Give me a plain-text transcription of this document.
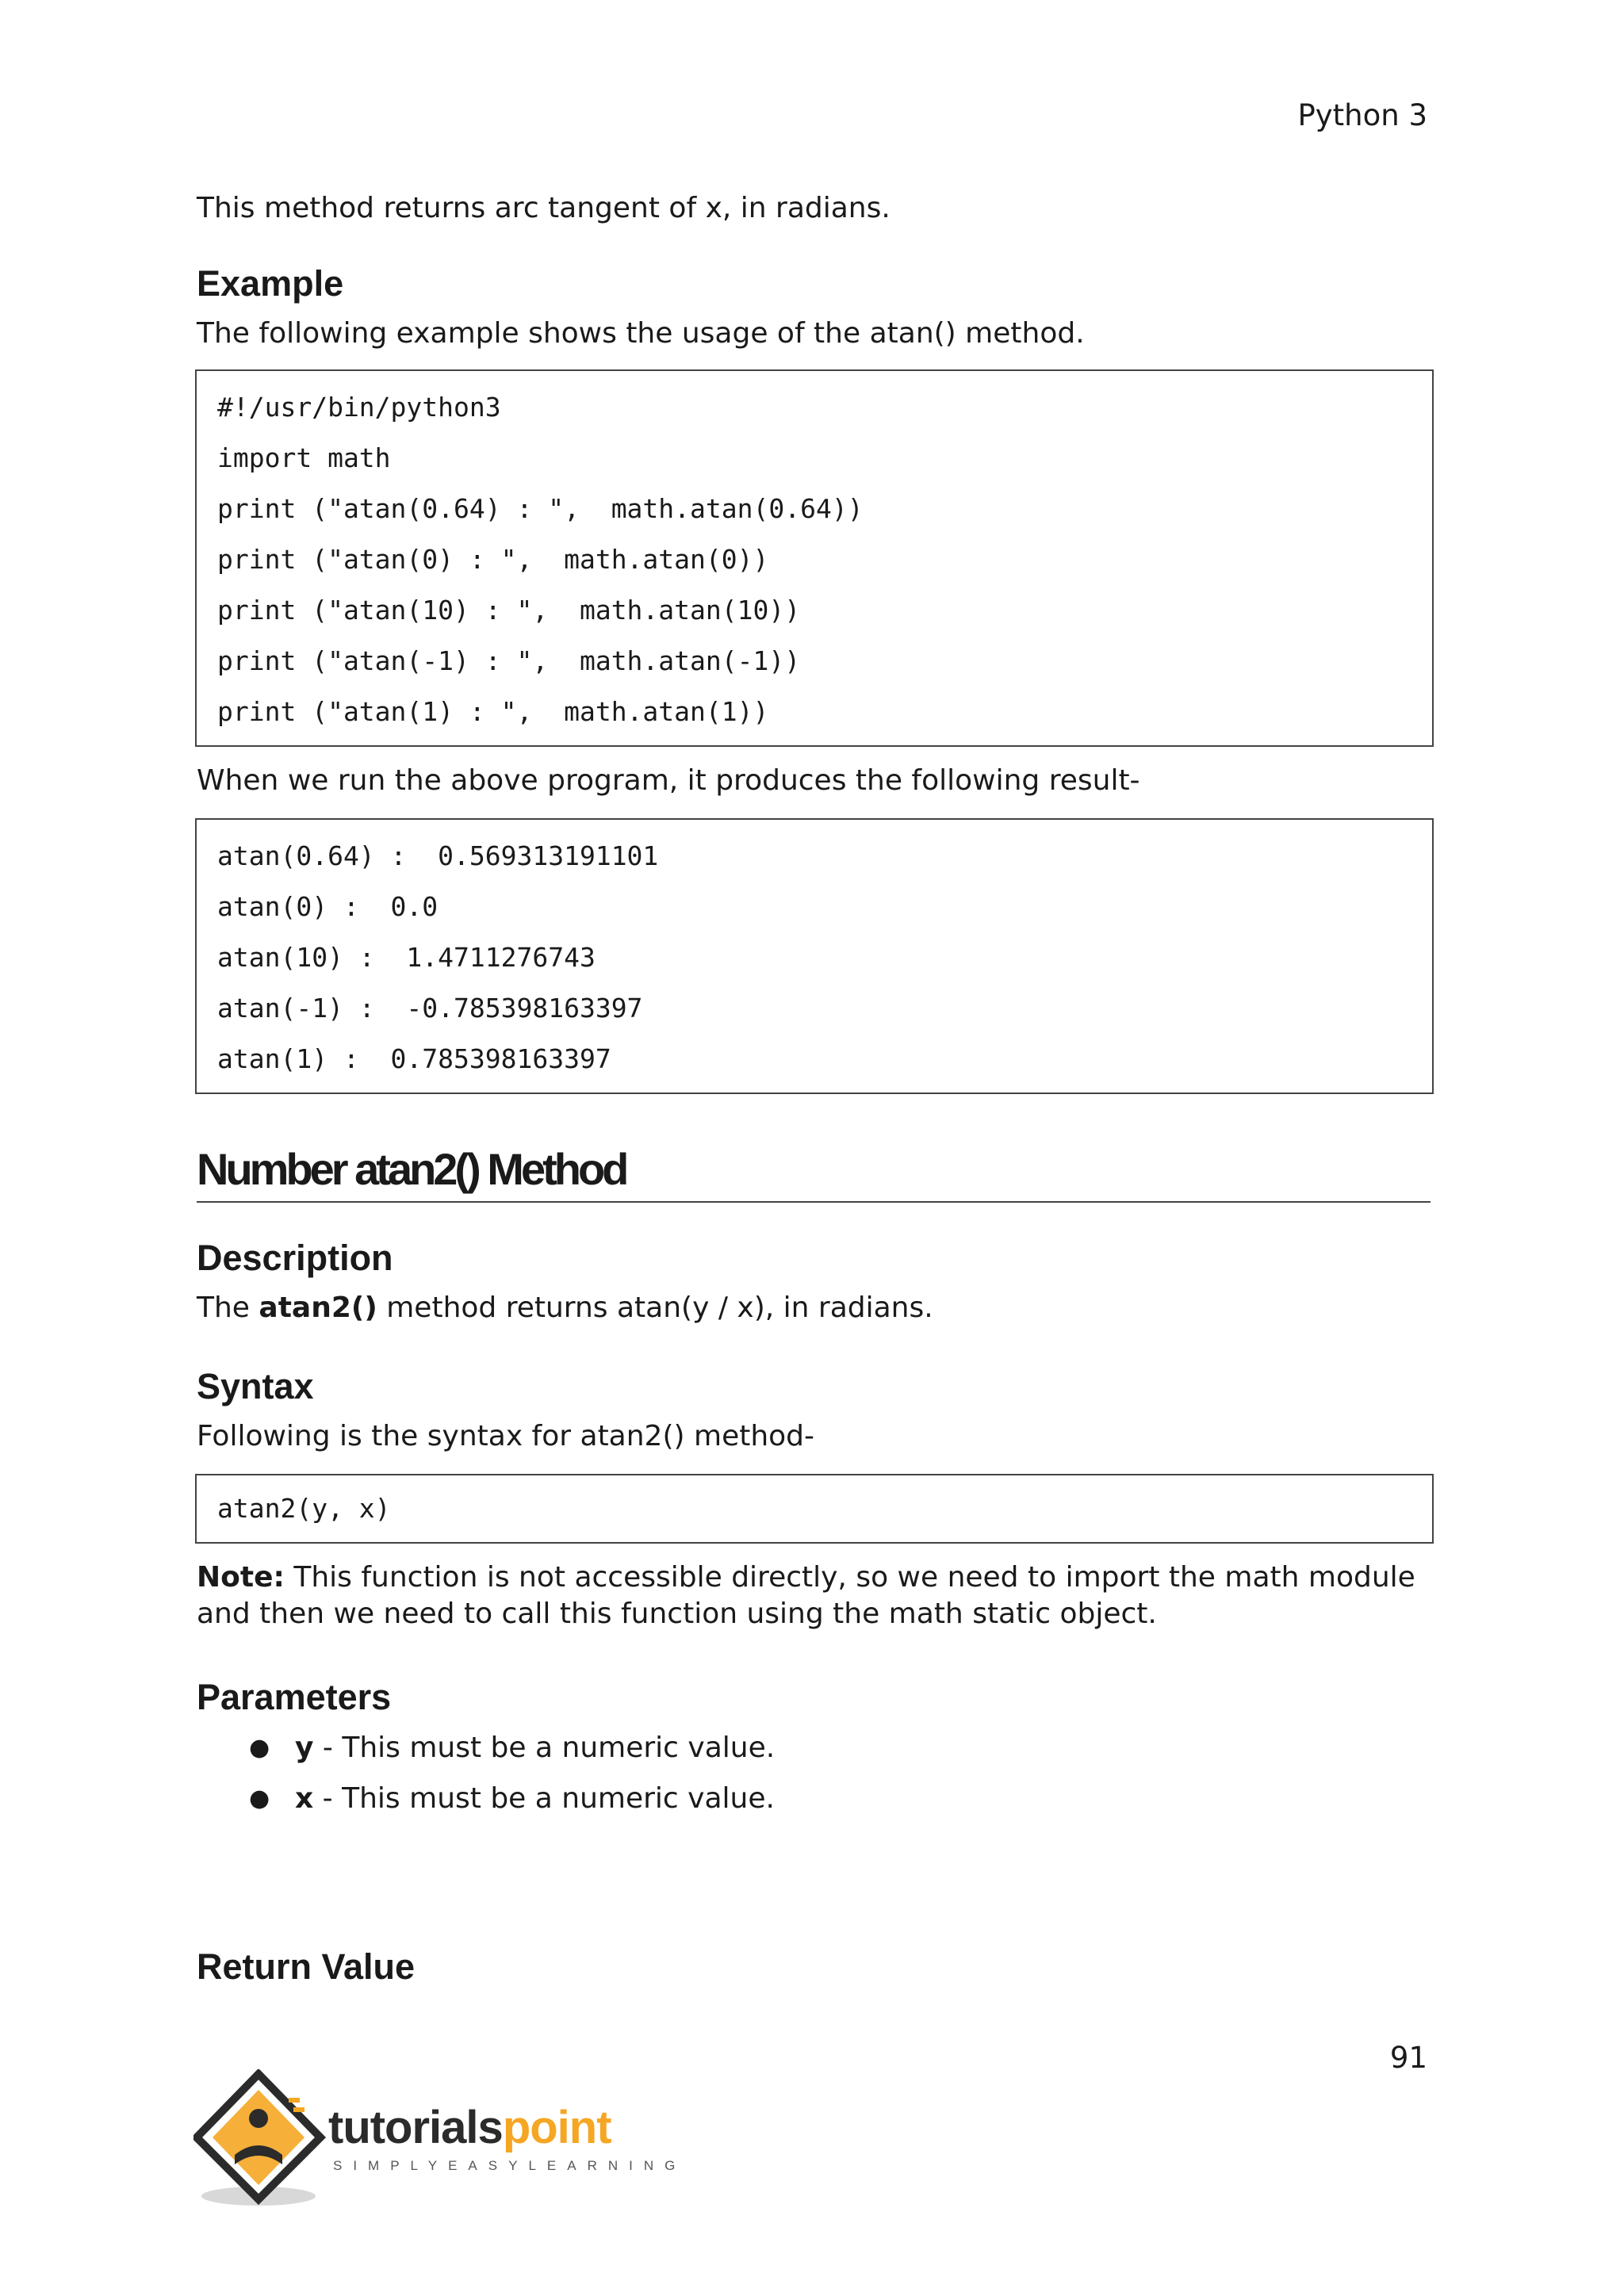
Python 3

This method returns arc tangent of x, in radians.

Example

The following example shows the usage of the atan() method.

#!/usr/bin/python3
import math
print ("atan(0.64) : ",  math.atan(0.64))
print ("atan(0) : ",  math.atan(0))
print ("atan(10) : ",  math.atan(10))
print ("atan(-1) : ",  math.atan(-1))
print ("atan(1) : ",  math.atan(1))

When we run the above program, it produces the following result-

atan(0.64) :  0.569313191101
atan(0) :  0.0
atan(10) :  1.4711276743
atan(-1) :  -0.785398163397
atan(1) :  0.785398163397
Number atan2() Method
Description

The atan2() method returns atan(y / x), in radians.

Syntax

Following is the syntax for atan2() method-

atan2(y, x)

Note: This function is not accessible directly, so we need to import the math module and then we need to call this function using the math static object.

Parameters
● y - This must be a numeric value.
● x - This must be a numeric value.
Return Value
91
tutorialspoint
SIMPLYEASYLEARNING
